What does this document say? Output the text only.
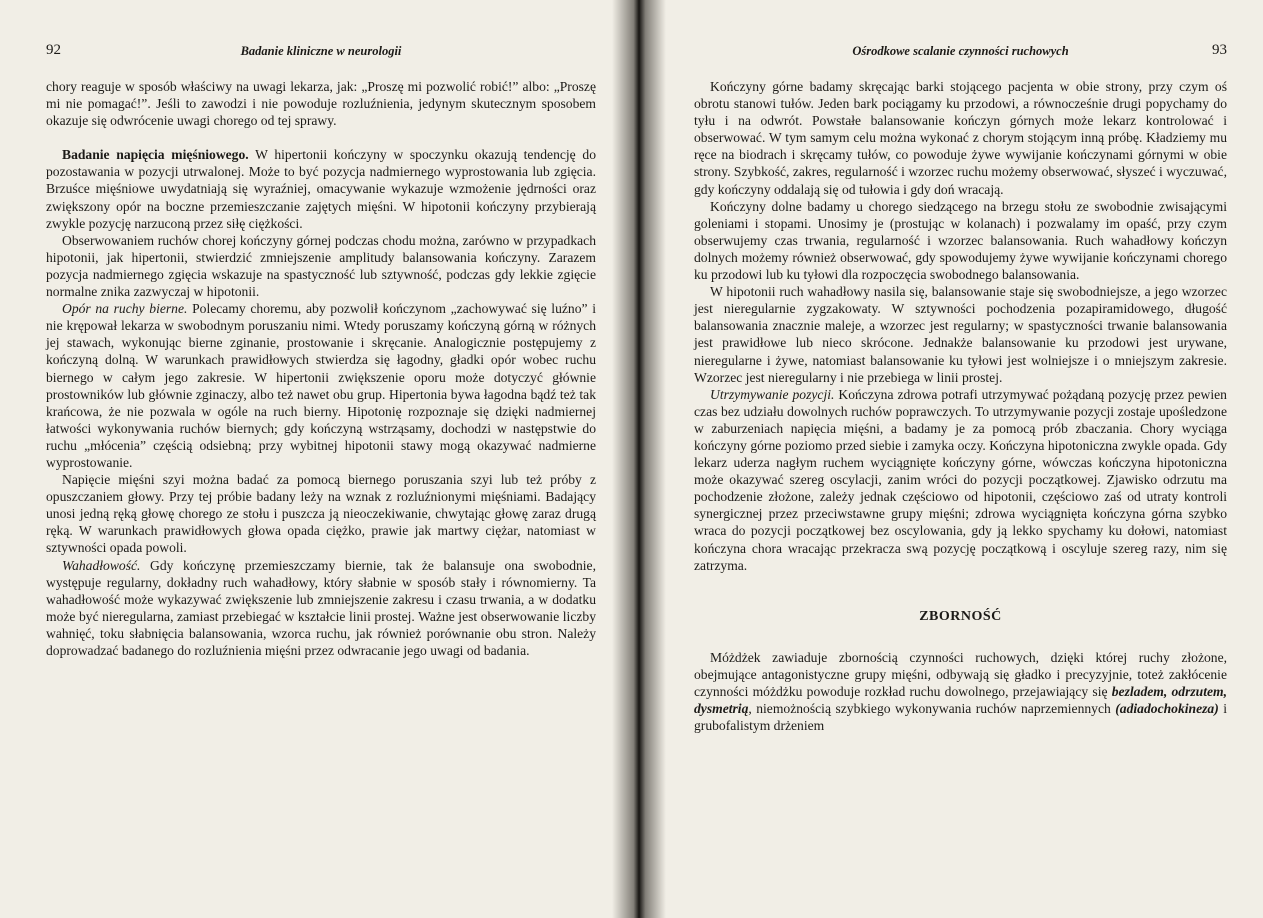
92	Badanie kliniczne w neurologii

chory reaguje w sposób właściwy na uwagi lekarza, jak: „Proszę mi pozwolić robić!” albo: „Proszę mi nie pomagać!”. Jeśli to zawodzi i nie powoduje rozluźnienia, jedynym skutecznym sposobem okazuje się odwrócenie uwagi chorego od tej sprawy.

Badanie napięcia mięśniowego. W hipertonii kończyny w spoczynku okazują tendencję do pozostawania w pozycji utrwalonej. Może to być pozycja nadmiernego wyprostowania lub zgięcia. Brzuśce mięśniowe uwydatniają się wyraźniej, omacywanie wykazuje wzmożenie jędrności oraz zwiększony opór na boczne przemieszczanie zajętych mięśni. W hipotonii kończyny przybierają zwykle pozycję narzuconą przez siłę ciężkości.

Obserwowaniem ruchów chorej kończyny górnej podczas chodu można, zarówno w przypadkach hipotonii, jak hipertonii, stwierdzić zmniejszenie amplitudy balansowania kończyny. Zarazem pozycja nadmiernego zgięcia wskazuje na spastyczność lub sztywność, podczas gdy lekkie zgięcie normalne znika zazwyczaj w hipotonii.

Opór na ruchy bierne. Polecamy choremu, aby pozwolił kończynom „zachowywać się luźno” i nie krępował lekarza w swobodnym poruszaniu nimi. Wtedy poruszamy kończyną górną w różnych jej stawach, wykonując bierne zginanie, prostowanie i skręcanie. Analogicznie postępujemy z kończyną dolną. W warunkach prawidłowych stwierdza się łagodny, gładki opór wobec ruchu biernego w całym jego zakresie. W hipertonii zwiększenie oporu może dotyczyć głównie prostowników lub głównie zginaczy, albo też nawet obu grup. Hipertonia bywa łagodna bądź też tak krańcowa, że nie pozwala w ogóle na ruch bierny. Hipotonię rozpoznaje się dzięki nadmiernej łatwości wykonywania ruchów biernych; gdy kończyną wstrząsamy, dochodzi w następstwie do ruchu „młócenia” częścią odsiebną; przy wybitnej hipotonii stawy mogą okazywać nadmierne wyprostowanie.

Napięcie mięśni szyi można badać za pomocą biernego poruszania szyi lub też próby z opuszczaniem głowy. Przy tej próbie badany leży na wznak z rozluźnionymi mięśniami. Badający unosi jedną ręką głowę chorego ze stołu i puszcza ją nieoczekiwanie, chwytając głowę zaraz drugą ręką. W warunkach prawidłowych głowa opada ciężko, prawie jak martwy ciężar, natomiast w sztywności opada powoli.

Wahadłowość. Gdy kończynę przemieszczamy biernie, tak że balansuje ona swobodnie, występuje regularny, dokładny ruch wahadłowy, który słabnie w sposób stały i równomierny. Ta wahadłowość może wykazywać zwiększenie lub zmniejszenie zakresu i czasu trwania, a w dodatku może być nieregularna, zamiast przebiegać w kształcie linii prostej. Ważne jest obserwowanie liczby wahnięć, toku słabnięcia balansowania, wzorca ruchu, jak również porównanie obu stron. Należy doprowadzać badanego do rozluźnienia mięśni przez odwracanie jego uwagi od badania.

Ośrodkowe scalanie czynności ruchowych	93

Kończyny górne badamy skręcając barki stojącego pacjenta w obie strony, przy czym oś obrotu stanowi tułów. Jeden bark pociągamy ku przodowi, a równocześnie drugi popychamy do tyłu i na odwrót. Powstałe balansowanie kończyn górnych może lekarz kontrolować i obserwować. W tym samym celu można wykonać z chorym stojącym inną próbę. Kładziemy mu ręce na biodrach i skręcamy tułów, co powoduje żywe wywijanie kończynami górnymi w obie strony. Szybkość, zakres, regularność i wzorzec ruchu możemy obserwować, słyszeć i wyczuwać, gdy kończyny oddalają się od tułowia i gdy doń wracają.

Kończyny dolne badamy u chorego siedzącego na brzegu stołu ze swobodnie zwisającymi goleniami i stopami. Unosimy je (prostując w kolanach) i pozwalamy im opaść, przy czym obserwujemy czas trwania, regularność i wzorzec balansowania. Ruch wahadłowy kończyn dolnych możemy również obserwować, gdy spowodujemy żywe wywijanie kończynami chorego ku przodowi lub ku tyłowi dla rozpoczęcia swobodnego balansowania.

W hipotonii ruch wahadłowy nasila się, balansowanie staje się swobodniejsze, a jego wzorzec jest nieregularnie zygzakowaty. W sztywności pochodzenia pozapiramidowego, długość balansowania znacznie maleje, a wzorzec jest regularny; w spastyczności trwanie balansowania jest prawidłowe lub nieco skrócone. Jednakże balansowanie ku przodowi jest urywane, nieregularne i żywe, natomiast balansowanie ku tyłowi jest wolniejsze i o mniejszym zakresie. Wzorzec jest nieregularny i nie przebiega w linii prostej.

Utrzymywanie pozycji. Kończyna zdrowa potrafi utrzymywać pożądaną pozycję przez pewien czas bez udziału dowolnych ruchów poprawczych. To utrzymywanie pozycji zostaje upośledzone w zaburzeniach napięcia mięśni, a badamy je za pomocą prób zbaczania. Chory wyciąga kończyny górne poziomo przed siebie i zamyka oczy. Kończyna hipotoniczna zwykle opada. Gdy lekarz uderza nagłym ruchem wyciągnięte kończyny górne, wówczas kończyna hipotoniczna może okazywać szereg oscylacji, zanim wróci do pozycji początkowej. Zjawisko odrzutu ma pochodzenie złożone, zależy jednak częściowo od hipotonii, częściowo zaś od utraty kontroli synergicznej przez przeciwstawne grupy mięśni; zdrowa wyciągnięta kończyna górna szybko wraca do pozycji początkowej bez oscylowania, gdy ją lekko spychamy ku dołowi, natomiast kończyna chora wracając przekracza swą pozycję początkową i oscyluje szereg razy, nim się zatrzyma.

ZBORNOŚĆ

Móżdżek zawiaduje zbornością czynności ruchowych, dzięki której ruchy złożone, obejmujące antagonistyczne grupy mięśni, odbywają się gładko i precyzyjnie, toteż zakłócenie czynności móżdżku powoduje rozkład ruchu dowolnego, przejawiający się bezladem, odrzutem, dysmetrią, niemożnością szybkiego wykonywania ruchów naprzemiennych (adiadochokineza) i grubofalistym drżeniem
